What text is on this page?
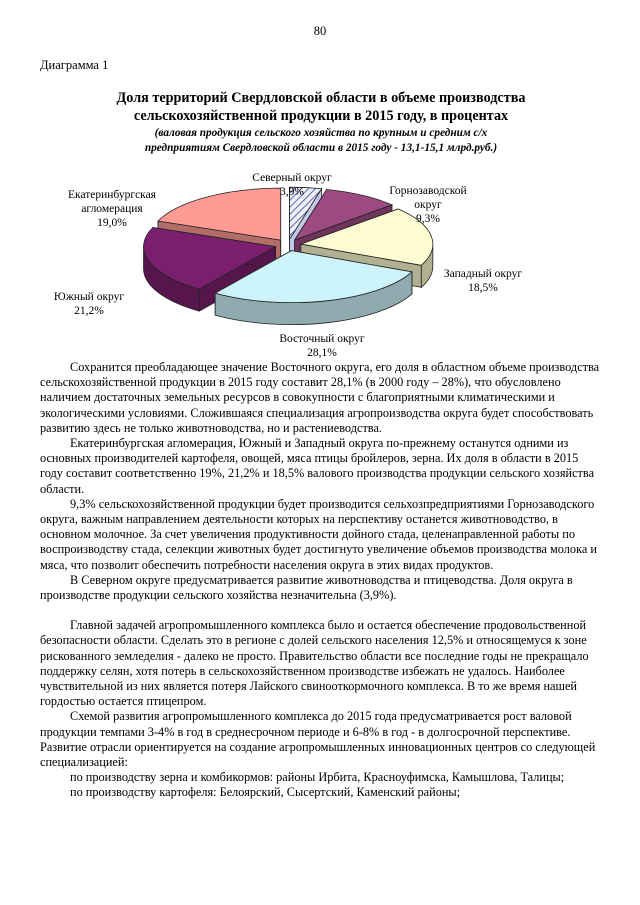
80
Диаграмма 1
Доля территорий Свердловской области в объеме производства
сельскохозяйственной продукции в 2015 году, в процентах
(валовая продукция сельского хозяйства по крупным и средним с/х
предприятиям Свердловской области в 2015 году - 13,1-15,1 млрд.руб.)
Северный округ 3,9%	Горнозаводской округ 9,3%
Западный округ 18,5%
Восточный округ 28,1%
Южный округ 21,2%
Екатеринбургская агломерация 19,0%

Сохранится преобладающее значение Восточного округа, его доля в областном объеме производства сельскохозяйственной продукции в 2015 году составит 28,1% (в 2000 году – 28%), что обусловлено наличием достаточных земельных ресурсов в совокупности с благоприятными климатическими и экологическими условиями. Сложившаяся специализация агропроизводства округа будет способствовать развитию здесь не только животноводства, но и растениеводства.

Екатеринбургская агломерация, Южный и Западный округа по-прежнему останутся одними из основных производителей картофеля, овощей, мяса птицы бройлеров, зерна. Их доля в области в 2015 году составит соответственно 19%, 21,2% и 18,5% валового производства продукции сельского хозяйства области.

9,3% сельскохозяйственной продукции будет производится сельхозпредприятиями Горнозаводского округа, важным направлением деятельности которых на перспективу останется животноводство, в основном молочное. За счет увеличения продуктивности дойного стада, целенаправленной работы по воспроизводству стада, селекции животных будет достигнуто увеличение объемов производства молока и мяса, что позволит обеспечить потребности населения округа в этих видах продуктов.

В Северном округе предусматривается развитие животноводства и птицеводства. Доля округа в производстве продукции сельского хозяйства незначительна (3,9%).

Главной задачей агропромышленного комплекса было и остается обеспечение продовольственной безопасности области. Сделать это в регионе с долей сельского населения 12,5% и относящемуся к зоне рискованного земледелия - далеко не просто. Правительство области все последние годы не прекращало поддержку селян, хотя потерь в сельскохозяйственном производстве избежать не удалось. Наиболее чувствительной из них является потеря Лайского свинооткормочного комплекса. В то же время нашей гордостью остается птицепром.

Схемой развития агропромышленного комплекса до 2015 года предусматривается рост валовой продукции темпами 3-4% в год в среднесрочном периоде и 6-8% в год - в долгосрочной перспективе. Развитие отрасли ориентируется на создание агропромышленных инновационных центров со следующей специализацией:

по производству зерна и комбикормов: районы Ирбита, Красноуфимска, Камышлова, Талицы;

по производству картофеля: Белоярский, Сысертский, Каменский районы;
